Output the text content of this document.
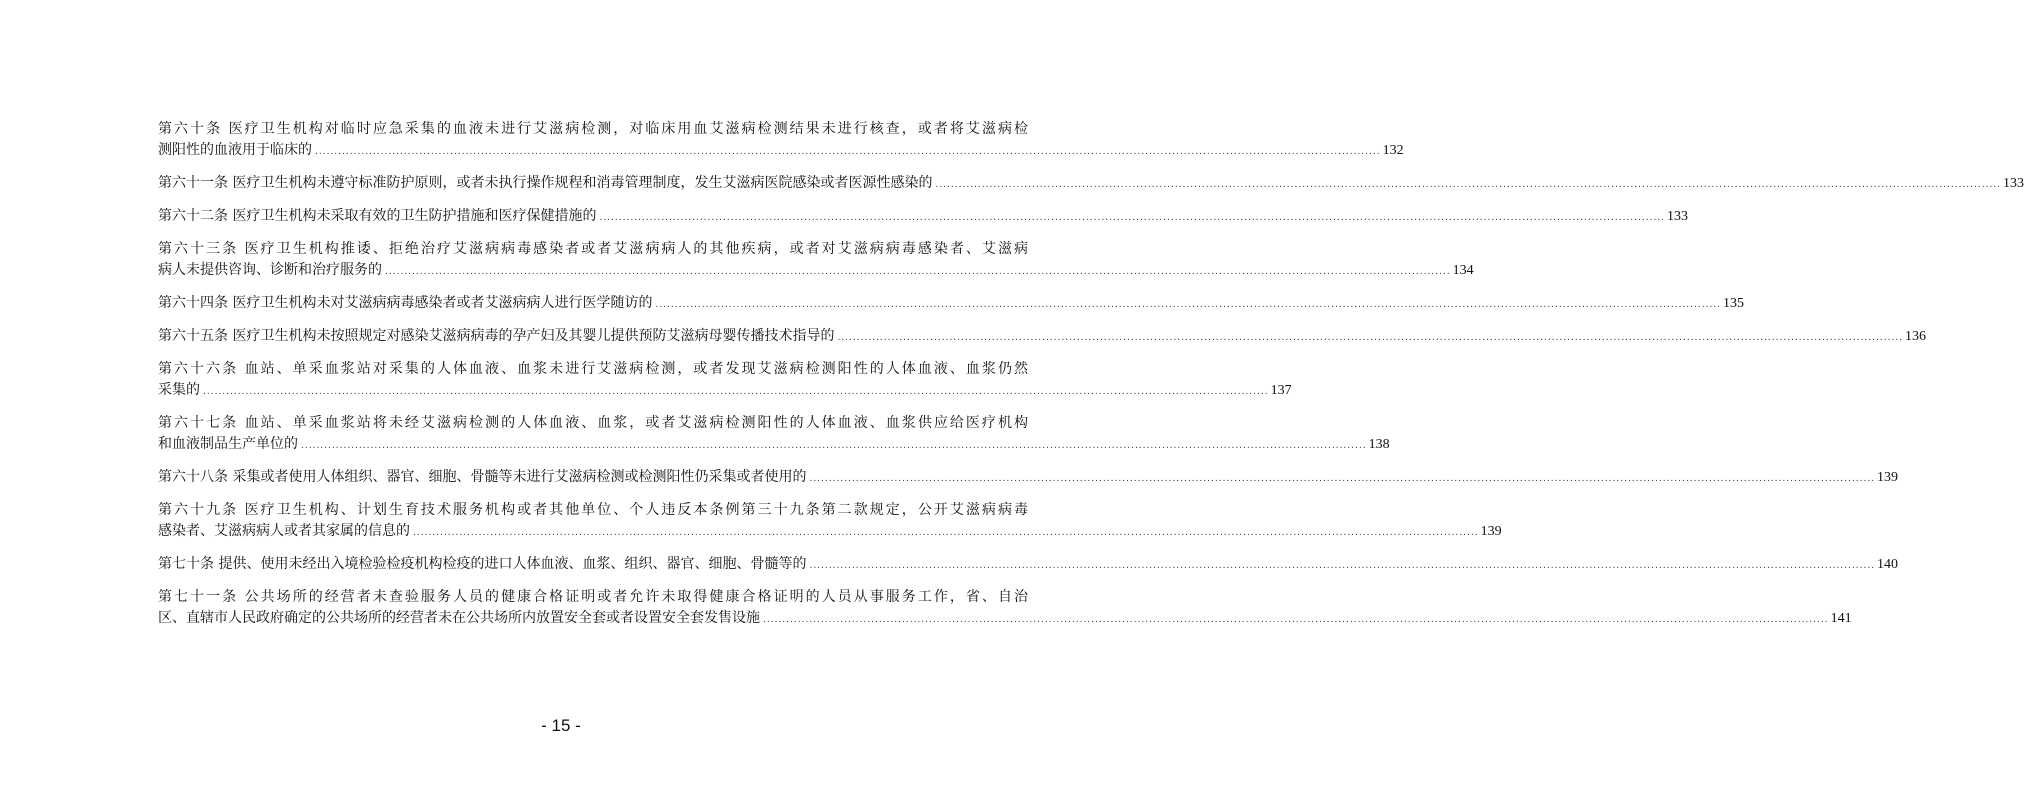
第六十条 医疗卫生机构对临时应急采集的血液未进行艾滋病检测，对临床用血艾滋病检测结果未进行核查，或者将艾滋病检
测阳性的血液用于临床的 .....	132
第六十一条 医疗卫生机构未遵守标准防护原则，或者未执行操作规程和消毒管理制度，发生艾滋病医院感染或者医源性感染的 .....	133
第六十二条 医疗卫生机构未采取有效的卫生防护措施和医疗保健措施的 .....	133
第六十三条 医疗卫生机构推诿、拒绝治疗艾滋病病毒感染者或者艾滋病病人的其他疾病，或者对艾滋病病毒感染者、艾滋病
病人未提供咨询、诊断和治疗服务的 .....	134
第六十四条 医疗卫生机构未对艾滋病病毒感染者或者艾滋病病人进行医学随访的 .....	135
第六十五条 医疗卫生机构未按照规定对感染艾滋病病毒的孕产妇及其婴儿提供预防艾滋病母婴传播技术指导的 .....	136
第六十六条 血站、单采血浆站对采集的人体血液、血浆未进行艾滋病检测，或者发现艾滋病检测阳性的人体血液、血浆仍然
采集的 .....	137
第六十七条 血站、单采血浆站将未经艾滋病检测的人体血液、血浆，或者艾滋病检测阳性的人体血液、血浆供应给医疗机构
和血液制品生产单位的 .....	138
第六十八条 采集或者使用人体组织、器官、细胞、骨髓等未进行艾滋病检测或检测阳性仍采集或者使用的 .....	139
第六十九条 医疗卫生机构、计划生育技术服务机构或者其他单位、个人违反本条例第三十九条第二款规定，公开艾滋病病毒
感染者、艾滋病病人或者其家属的信息的 .....	139
第七十条 提供、使用未经出入境检验检疫机构检疫的进口人体血液、血浆、组织、器官、细胞、骨髓等的 .....	140
第七十一条 公共场所的经营者未查验服务人员的健康合格证明或者允许未取得健康合格证明的人员从事服务工作，省、自治
区、直辖市人民政府确定的公共场所的经营者未在公共场所内放置安全套或者设置安全套发售设施 .....	141
- 15 -
